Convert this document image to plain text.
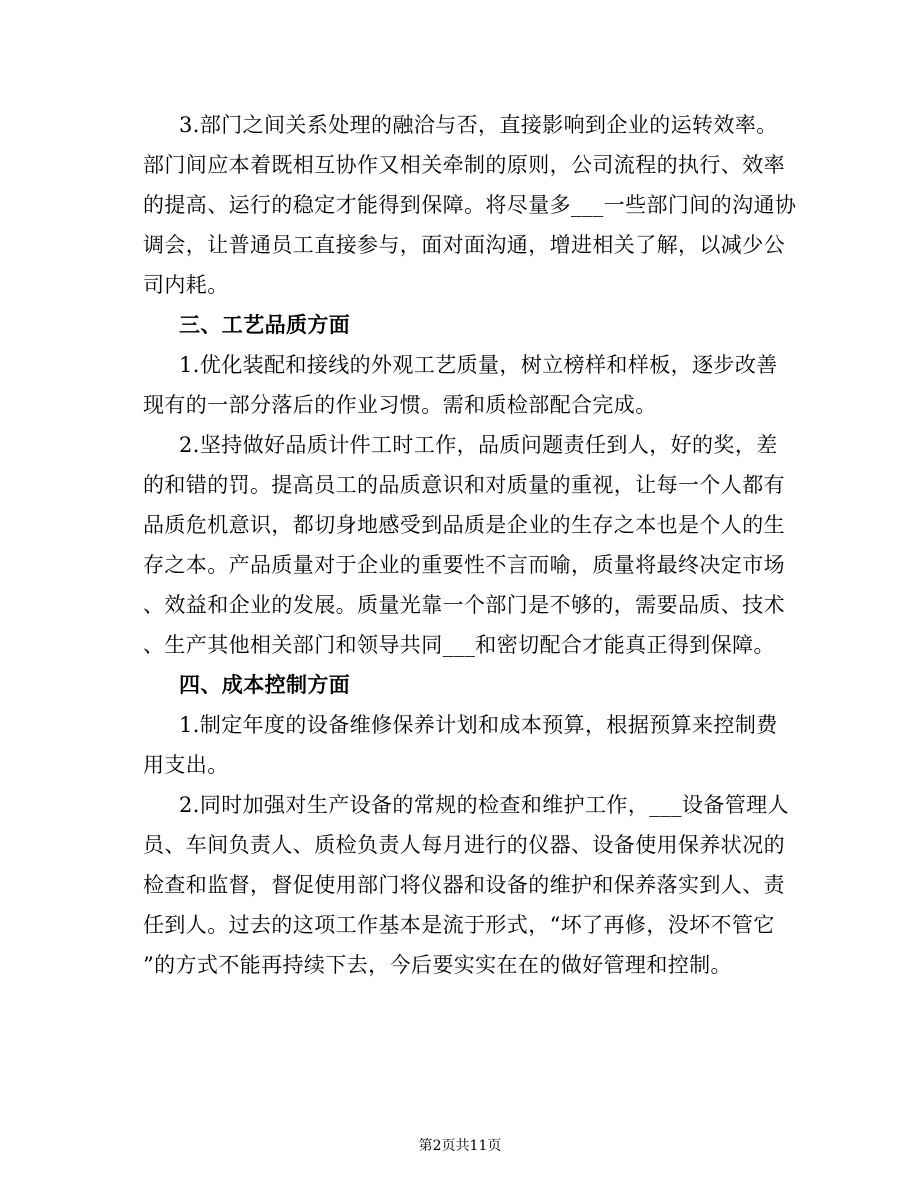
3.部门之间关系处理的融洽与否，直接影响到企业的运转效率。
部门间应本着既相互协作又相关牵制的原则，公司流程的执行、效率
的提高、运行的稳定才能得到保障。将尽量多___一些部门间的沟通协
调会，让普通员工直接参与，面对面沟通，增进相关了解，以减少公
司内耗。
三、工艺品质方面
1.优化装配和接线的外观工艺质量，树立榜样和样板，逐步改善
现有的一部分落后的作业习惯。需和质检部配合完成。
2.坚持做好品质计件工时工作，品质问题责任到人，好的奖，差
的和错的罚。提高员工的品质意识和对质量的重视，让每一个人都有
品质危机意识，都切身地感受到品质是企业的生存之本也是个人的生
存之本。产品质量对于企业的重要性不言而喻，质量将最终决定市场
、效益和企业的发展。质量光靠一个部门是不够的，需要品质、技术
、生产其他相关部门和领导共同___和密切配合才能真正得到保障。
四、成本控制方面
1.制定年度的设备维修保养计划和成本预算，根据预算来控制费
用支出。
2.同时加强对生产设备的常规的检查和维护工作，___设备管理人
员、车间负责人、质检负责人每月进行的仪器、设备使用保养状况的
检查和监督，督促使用部门将仪器和设备的维护和保养落实到人、责
任到人。过去的这项工作基本是流于形式，“坏了再修，没坏不管它
”的方式不能再持续下去，今后要实实在在的做好管理和控制。
第2页共11页
